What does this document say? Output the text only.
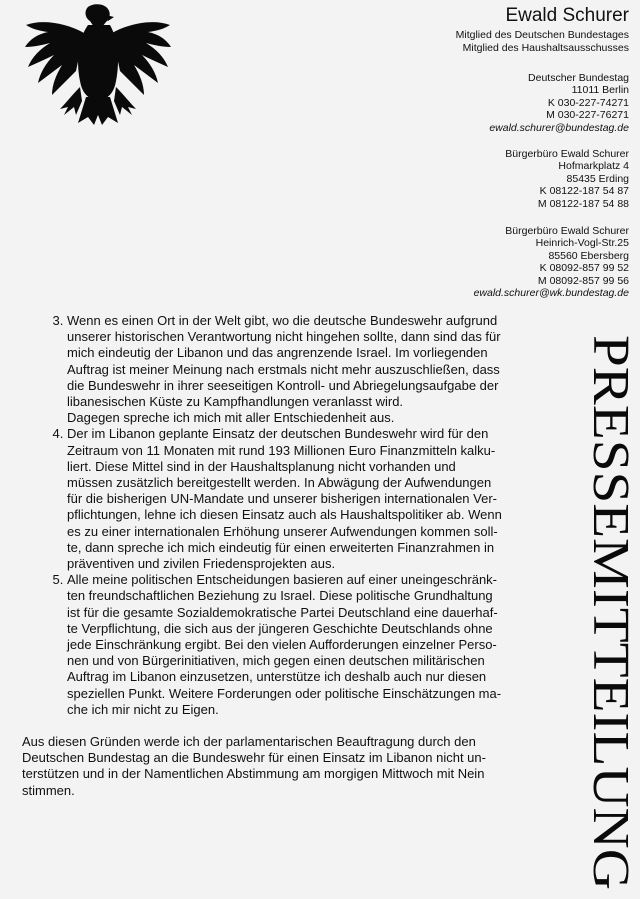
Ewald Schurer
Mitglied des Deutschen Bundestages
Mitglied des Haushaltsausschusses
Deutscher Bundestag
11011 Berlin
K 030-227-74271
M 030-227-76271
ewald.schurer@bundestag.de
Bürgerbüro Ewald Schurer
Hofmarkplatz 4
85435 Erding
K 08122-187 54 87
M 08122-187 54 88
Bürgerbüro Ewald Schurer
Heinrich-Vogl-Str.25
85560 Ebersberg
K 08092-857 99 52
M 08092-857 99 56
ewald.schurer@wk.bundestag.de
3. Wenn es einen Ort in der Welt gibt, wo die deutsche Bundeswehr aufgrund
unserer historischen Verantwortung nicht hingehen sollte, dann sind das für
mich eindeutig der Libanon und das angrenzende Israel. Im vorliegenden
Auftrag ist meiner Meinung nach erstmals nicht mehr auszuschließen, dass
die Bundeswehr in ihrer seeseitigen Kontroll- und Abriegelungsaufgabe der
libanesischen Küste zu Kampfhandlungen veranlasst wird.
Dagegen spreche ich mich mit aller Entschiedenheit aus.
4. Der im Libanon geplante Einsatz der deutschen Bundeswehr wird für den
Zeitraum von 11 Monaten mit rund 193 Millionen Euro Finanzmitteln kalku-
liert. Diese Mittel sind in der Haushaltsplanung nicht vorhanden und
müssen zusätzlich bereitgestellt werden. In Abwägung der Aufwendungen
für die bisherigen UN-Mandate und unserer bisherigen internationalen Ver-
pflichtungen, lehne ich diesen Einsatz auch als Haushaltspolitiker ab. Wenn
es zu einer internationalen Erhöhung unserer Aufwendungen kommen soll-
te, dann spreche ich mich eindeutig für einen erweiterten Finanzrahmen in
präventiven und zivilen Friedensprojekten aus.
5. Alle meine politischen Entscheidungen basieren auf einer uneingeschränk-
ten freundschaftlichen Beziehung zu Israel. Diese politische Grundhaltung
ist für die gesamte Sozialdemokratische Partei Deutschland eine dauerhaf-
te Verpflichtung, die sich aus der jüngeren Geschichte Deutschlands ohne
jede Einschränkung ergibt. Bei den vielen Aufforderungen einzelner Perso-
nen und von Bürgerinitiativen, mich gegen einen deutschen militärischen
Auftrag im Libanon einzusetzen, unterstütze ich deshalb auch nur diesen
speziellen Punkt. Weitere Forderungen oder politische Einschätzungen ma-
che ich mir nicht zu Eigen.
Aus diesen Gründen werde ich der parlamentarischen Beauftragung durch den
Deutschen Bundestag an die Bundeswehr für einen Einsatz im Libanon nicht un-
terstützen und in der Namentlichen Abstimmung am morgigen Mittwoch mit Nein
stimmen.	PRESSEMITTEILUNG
